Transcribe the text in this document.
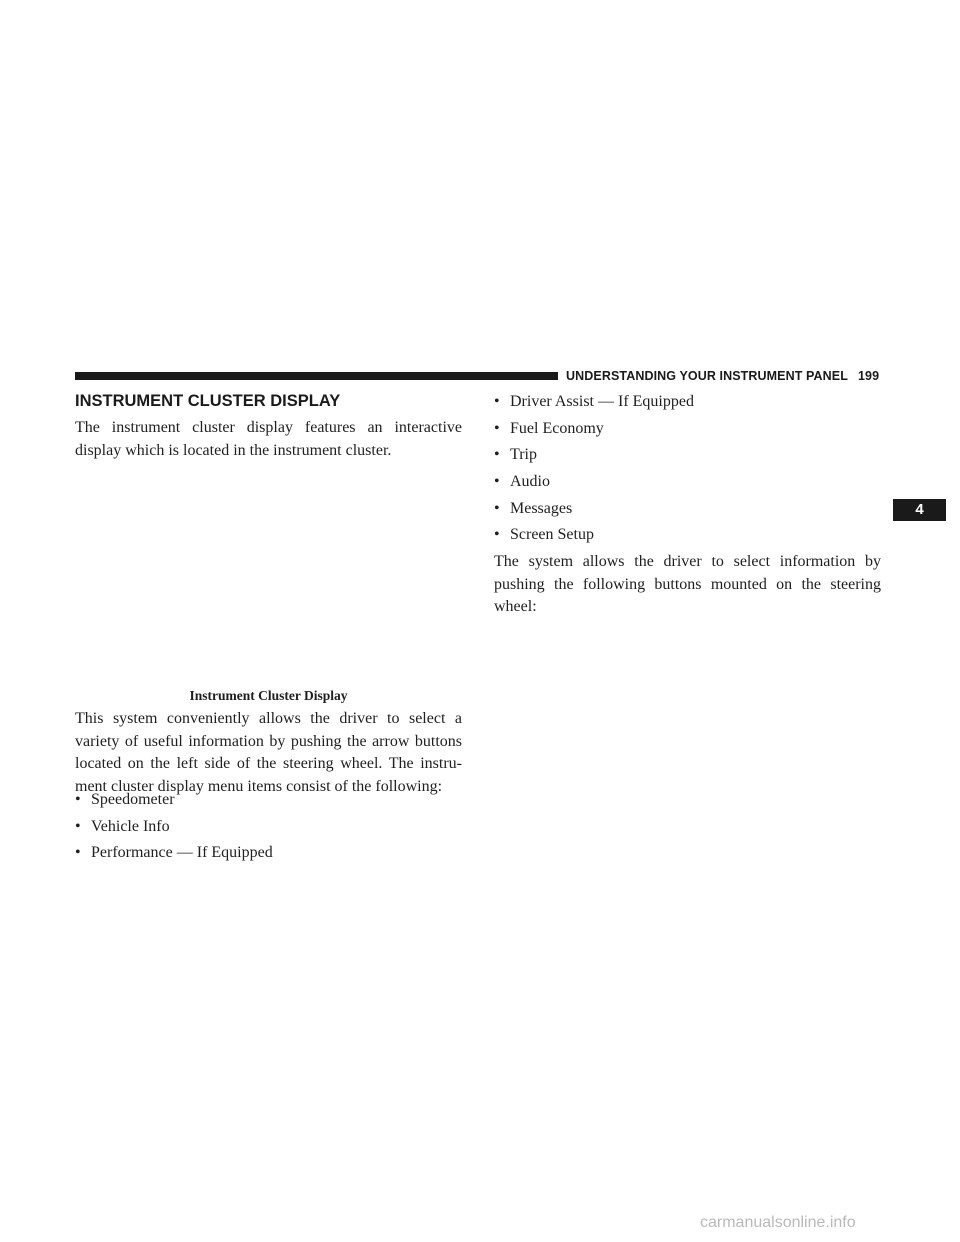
UNDERSTANDING YOUR INSTRUMENT PANEL 199
INSTRUMENT CLUSTER DISPLAY

The instrument cluster display features an interactive display which is located in the instrument cluster.

Instrument Cluster Display

This system conveniently allows the driver to select a variety of useful information by pushing the arrow buttons located on the left side of the steering wheel. The instru- ment cluster display menu items consist of the following:

• Speedometer
• Vehicle Info
• Performance — If Equipped
• Driver Assist — If Equipped
• Fuel Economy
• Trip
• Audio
• Messages
• Screen Setup

The system allows the driver to select information by pushing the following buttons mounted on the steering wheel:

4
carmanualsonline.info
